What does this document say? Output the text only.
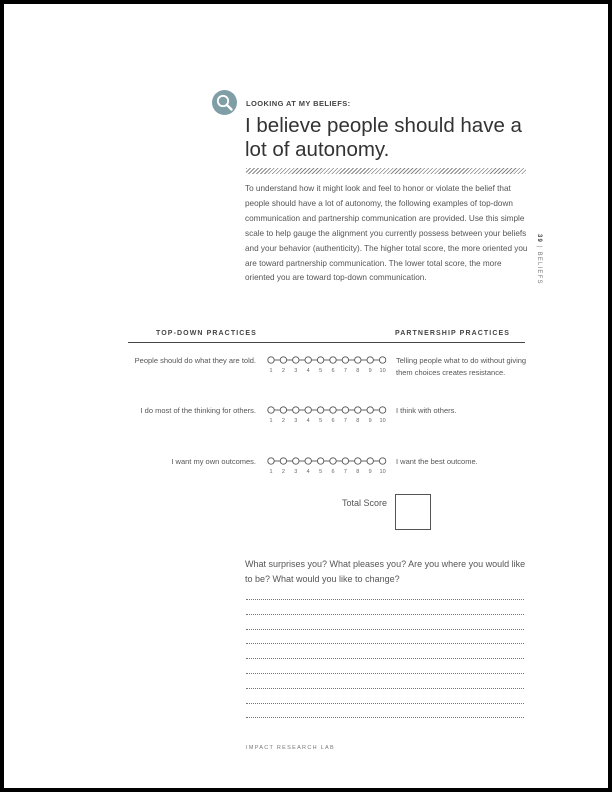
LOOKING AT MY BELIEFS:
I believe people should have a lot of autonomy.
To understand how it might look and feel to honor or violate the belief that people should have a lot of autonomy, the following examples of top-down communication and partnership communication are provided. Use this simple scale to help gauge the alignment you currently possess between your beliefs and your behavior (authenticity). The higher total score, the more oriented you are toward partnership communication. The lower total score, the more oriented you are toward top-down communication.
39 | BELIEFS
TOP-DOWN PRACTICES	PARTNERSHIP PRACTICES
People should do what they are told.
1 2 3 4 5 6 7 8 9 10
Telling people what to do without giving them choices creates resistance.
I do most of the thinking for others.
1 2 3 4 5 6 7 8 9 10
I think with others.
I want my own outcomes.
1 2 3 4 5 6 7 8 9 10
I want the best outcome.
Total Score
What surprises you? What pleases you? Are you where you would like to be? What would you like to change?
IMPACT RESEARCH LAB
